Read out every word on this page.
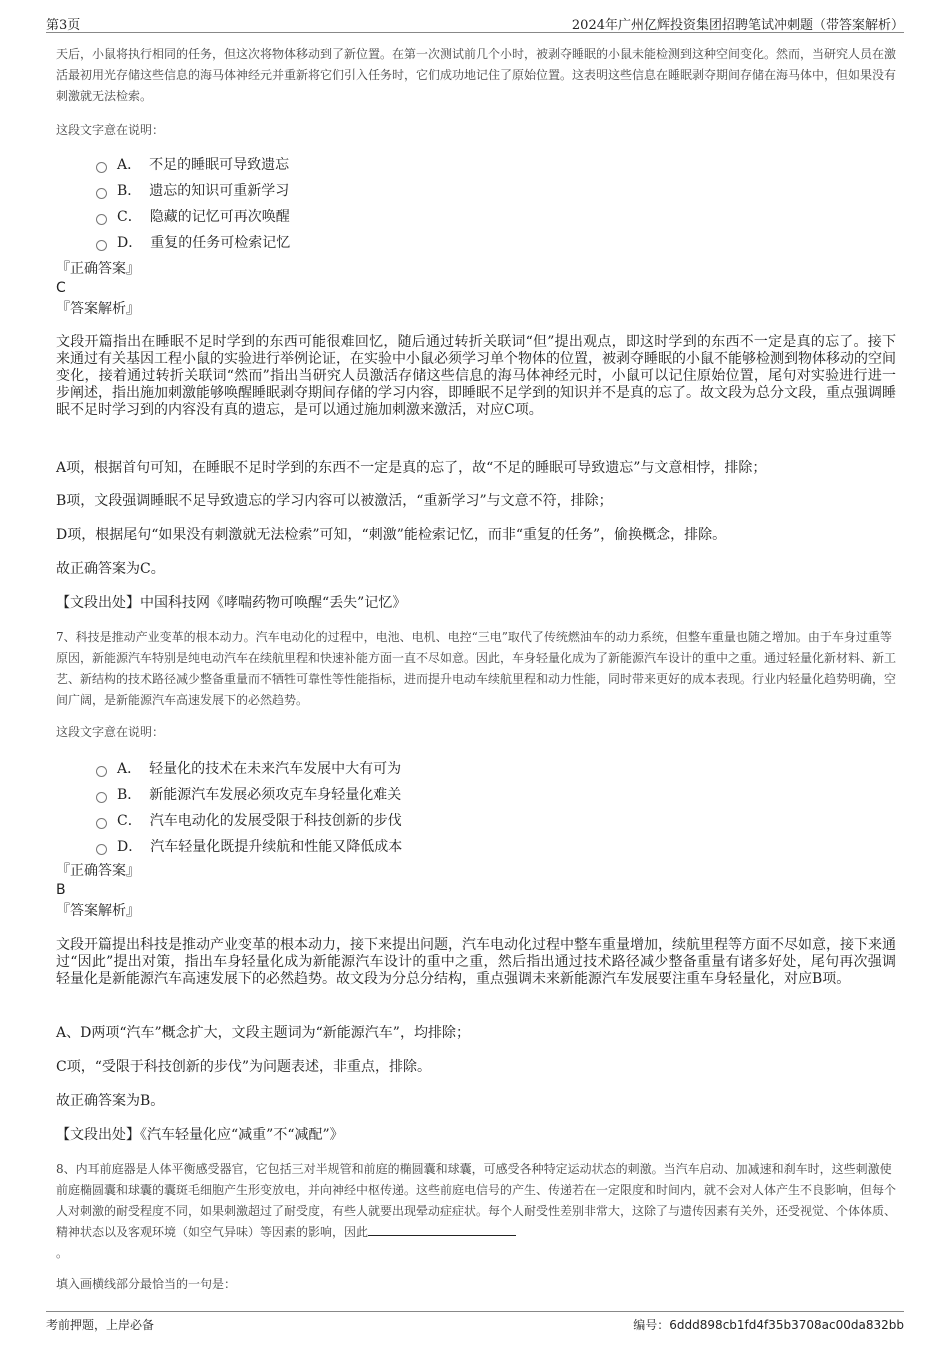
第3页	2024年广州亿辉投资集团招聘笔试冲刺题（带答案解析）

天后，小鼠将执行相同的任务，但这次将物体移动到了新位置。在第一次测试前几个小时，被剥夺睡眠的小鼠未能检测到这种空间变化。然而，当研究人员在激活最初用光存储这些信息的海马体神经元并重新将它们引入任务时，它们成功地记住了原始位置。这表明这些信息在睡眠剥夺期间存储在海马体中，但如果没有刺激就无法检索。

这段文字意在说明：

A． 不足的睡眠可导致遗忘
B． 遗忘的知识可重新学习
C． 隐藏的记忆可再次唤醒
D． 重复的任务可检索记忆

『正确答案』

C

『答案解析』

文段开篇指出在睡眠不足时学到的东西可能很难回忆，随后通过转折关联词“但”提出观点，即这时学到的东西不一定是真的忘了。接下来通过有关基因工程小鼠的实验进行举例论证，在实验中小鼠必须学习单个物体的位置，被剥夺睡眠的小鼠不能够检测到物体移动的空间变化，接着通过转折关联词“然而”指出当研究人员激活存储这些信息的海马体神经元时，小鼠可以记住原始位置，尾句对实验进行进一步阐述，指出施加刺激能够唤醒睡眠剥夺期间存储的学习内容，即睡眠不足学到的知识并不是真的忘了。故文段为总分文段，重点强调睡眠不足时学习到的内容没有真的遗忘，是可以通过施加刺激来激活，对应C项。

A项，根据首句可知，在睡眠不足时学到的东西不一定是真的忘了，故“不足的睡眠可导致遗忘”与文意相悖，排除；

B项，文段强调睡眠不足导致遗忘的学习内容可以被激活，“重新学习”与文意不符，排除；

D项，根据尾句“如果没有刺激就无法检索”可知，“刺激”能检索记忆，而非“重复的任务”，偷换概念，排除。

故正确答案为C。

【文段出处】中国科技网《哮喘药物可唤醒“丢失”记忆》

7、科技是推动产业变革的根本动力。汽车电动化的过程中，电池、电机、电控“三电”取代了传统燃油车的动力系统，但整车重量也随之增加。由于车身过重等原因，新能源汽车特别是纯电动汽车在续航里程和快速补能方面一直不尽如意。因此，车身轻量化成为了新能源汽车设计的重中之重。通过轻量化新材料、新工艺、新结构的技术路径减少整备重量而不牺牲可靠性等性能指标，进而提升电动车续航里程和动力性能，同时带来更好的成本表现。行业内轻量化趋势明确，空间广阔，是新能源汽车高速发展下的必然趋势。

这段文字意在说明：

A． 轻量化的技术在未来汽车发展中大有可为
B． 新能源汽车发展必须攻克车身轻量化难关
C． 汽车电动化的发展受限于科技创新的步伐
D． 汽车轻量化既提升续航和性能又降低成本

『正确答案』

B

『答案解析』

文段开篇提出科技是推动产业变革的根本动力，接下来提出问题，汽车电动化过程中整车重量增加，续航里程等方面不尽如意，接下来通过“因此”提出对策，指出车身轻量化成为新能源汽车设计的重中之重，然后指出通过技术路径减少整备重量有诸多好处，尾句再次强调轻量化是新能源汽车高速发展下的必然趋势。故文段为分总分结构，重点强调未来新能源汽车发展要注重车身轻量化，对应B项。

A、D两项“汽车”概念扩大，文段主题词为“新能源汽车”，均排除；

C项，“受限于科技创新的步伐”为问题表述，非重点，排除。

故正确答案为B。

【文段出处】《汽车轻量化应“减重”不“减配”》

8、内耳前庭器是人体平衡感受器官，它包括三对半规管和前庭的椭圆囊和球囊，可感受各种特定运动状态的刺激。当汽车启动、加减速和刹车时，这些刺激使前庭椭圆囊和球囊的囊斑毛细胞产生形变放电，并向神经中枢传递。这些前庭电信号的产生、传递若在一定限度和时间内，就不会对人体产生不良影响，但每个人对刺激的耐受程度不同，如果刺激超过了耐受度，有些人就要出现晕动症症状。每个人耐受性差别非常大，这除了与遗传因素有关外，还受视觉、个体体质、精神状态以及客观环境（如空气异味）等因素的影响，因此
。

填入画横线部分最恰当的一句是：

考前押题，上岸必备	编号：6ddd898cb1fd4f35b3708ac00da832bb
